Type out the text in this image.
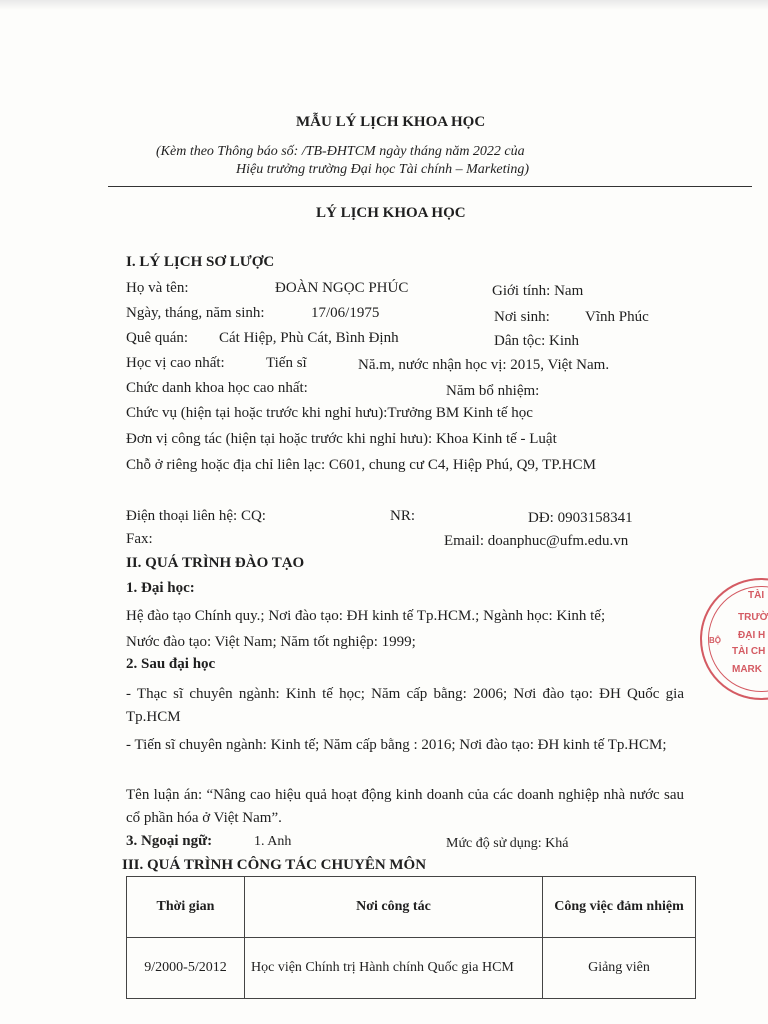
MẪU LÝ LỊCH KHOA HỌC
(Kèm theo Thông báo số: /TB-ĐHTCM ngày tháng năm 2022 của
Hiệu trưởng trường Đại học Tài chính – Marketing)
LÝ LỊCH KHOA HỌC
I. LÝ LỊCH SƠ LƯỢC
Họ và tên:	ĐOÀN NGỌC PHÚC	Giới tính: Nam
Ngày, tháng, năm sinh:	17/06/1975	Nơi sinh: Vĩnh Phúc
Quê quán: Cát Hiệp, Phù Cát, Bình Định	Dân tộc: Kinh
Học vị cao nhất:	Tiến sĩ	Nă.m, nước nhận học vị: 2015, Việt Nam.
Chức danh khoa học cao nhất:	Năm bổ nhiệm:
Chức vụ (hiện tại hoặc trước khi nghỉ hưu):Trưởng BM Kinh tế học
Đơn vị công tác (hiện tại hoặc trước khi nghỉ hưu): Khoa Kinh tế - Luật
Chỗ ở riêng hoặc địa chỉ liên lạc: C601, chung cư C4, Hiệp Phú, Q9, TP.HCM
Điện thoại liên hệ: CQ:	NR:	DĐ: 0903158341
Fax:	Email: doanphuc@ufm.edu.vn
II. QUÁ TRÌNH ĐÀO TẠO
1. Đại học:
Hệ đào tạo Chính quy.; Nơi đào tạo: ĐH kinh tế Tp.HCM.; Ngành học: Kinh tế;
Nước đào tạo: Việt Nam; Năm tốt nghiệp: 1999;
2. Sau đại học
- Thạc sĩ chuyên ngành: Kinh tế học; Năm cấp bằng: 2006; Nơi đào tạo: ĐH Quốc gia Tp.HCM
- Tiến sĩ chuyên ngành: Kinh tế; Năm cấp bằng : 2016; Nơi đào tạo: ĐH kinh tế Tp.HCM;
Tên luận án: “Nâng cao hiệu quả hoạt động kinh doanh của các doanh nghiệp nhà nước sau cổ phần hóa ở Việt Nam”.
3. Ngoại ngữ:	1. Anh	Mức độ sử dụng: Khá
III. QUÁ TRÌNH CÔNG TÁC CHUYÊN MÔN
Thời gian	Nơi công tác	Công việc đảm nhiệm
9/2000-5/2012	Học viện Chính trị Hành chính Quốc gia HCM	Giảng viên
TÀI
TRƯỜ
ĐẠI H
TÀI CH
MARK
BỘ
